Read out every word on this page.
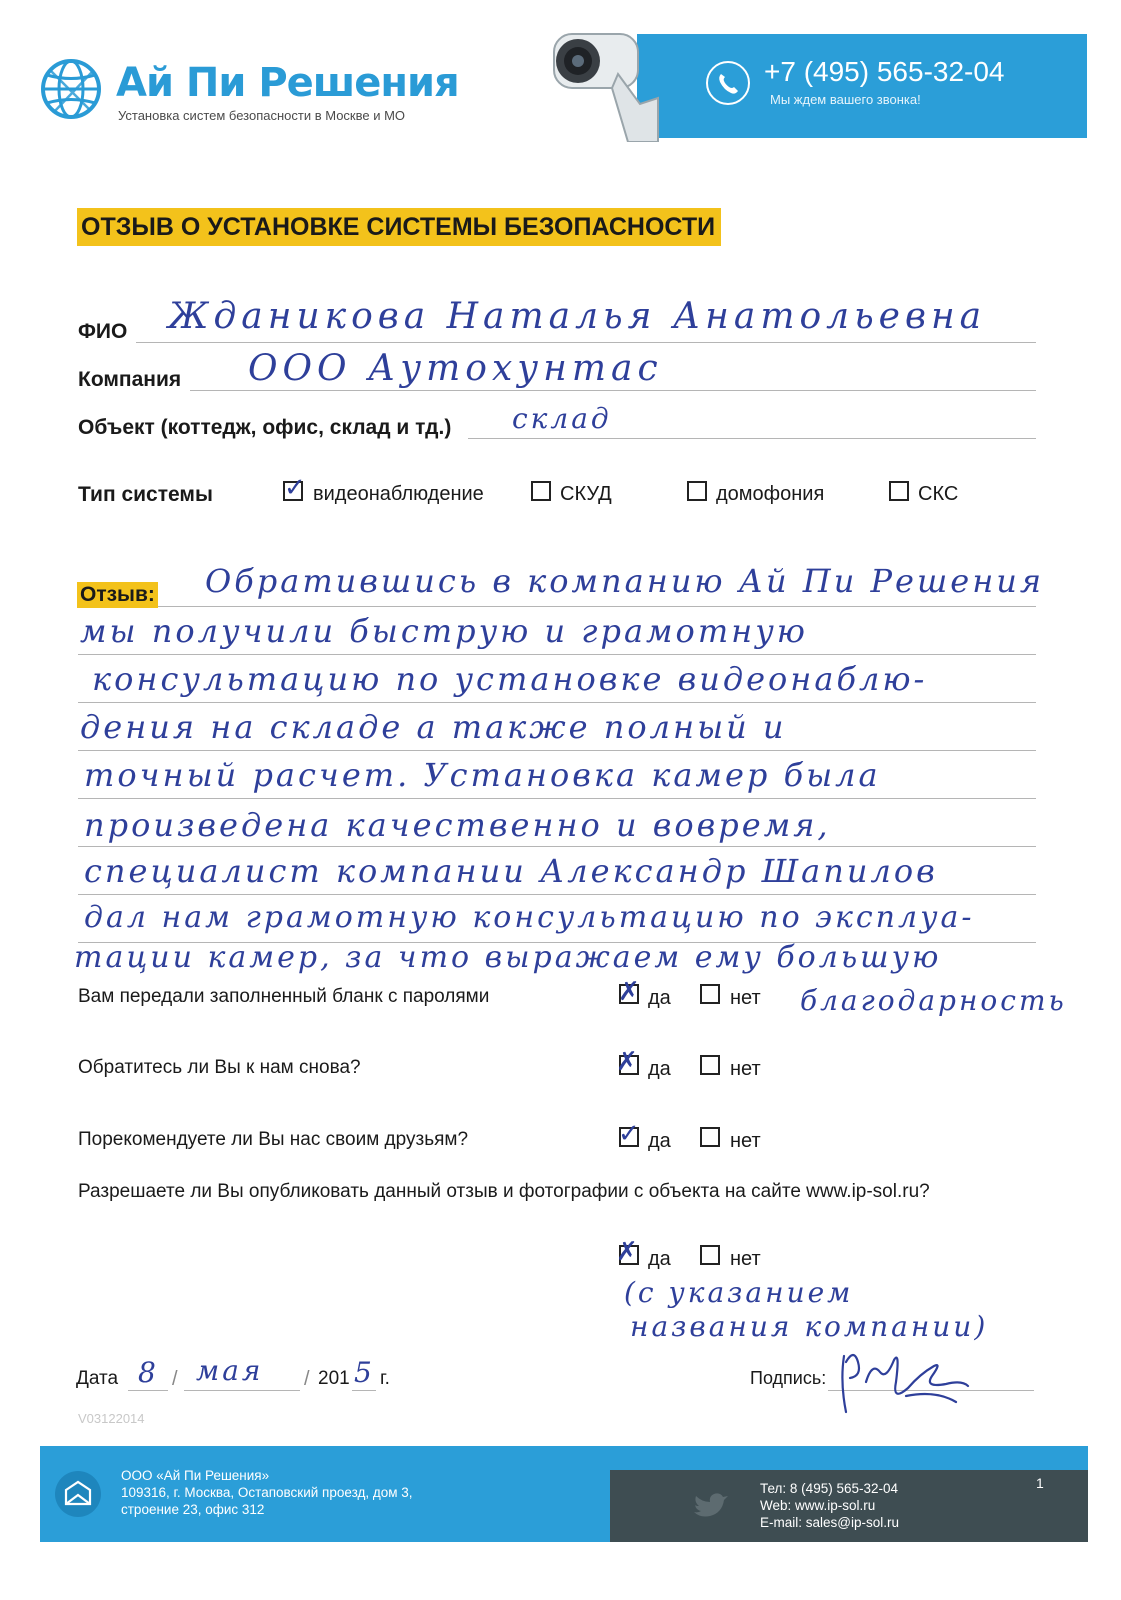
Ай Пи Решения
Установка систем безопасности в Москве и МО
+7 (495) 565-32-04
Мы ждем вашего звонка!
ОТЗЫВ О УСТАНОВКЕ СИСТЕМЫ БЕЗОПАСНОСТИ
ФИО Жданикова Наталья Анатольевна
Компания ООО Аутохунтас
Объект (коттедж, офис, склад и тд.) склад
Тип системы	✓ видеонаблюдение	СКУД	домофония	СКС
Отзыв: Обратившись в компанию Ай Пи Решения
мы получили быструю и грамотную
консультацию по установке видеонаблю-
дения на складе а также полный и
точный расчет. Установка камер была
произведена качественно и вовремя,
специалист компании Александр Шапилов
дал нам грамотную консультацию по эксплуа-
тации камер, за что выражаем ему большую
благодарность
Вам передали заполненный бланк с паролями	✗ да	нет
Обратитесь ли Вы к нам снова?	✗ да	нет
Порекомендуете ли Вы нас своим друзьям?	✓ да	нет
Разрешаете ли Вы опубликовать данный отзыв и фотографии с объекта на сайте www.ip-sol.ru?
✗ да	нет
(с указанием
названия компании)
Дата 8 / мая / 201 5 г.	Подпись:
V03122014
ООО «Ай Пи Решения»
109316, г. Москва, Остаповский проезд, дом 3,
строение 23, офис 312
Тел: 8 (495) 565-32-04
Web: www.ip-sol.ru
E-mail: sales@ip-sol.ru
1
